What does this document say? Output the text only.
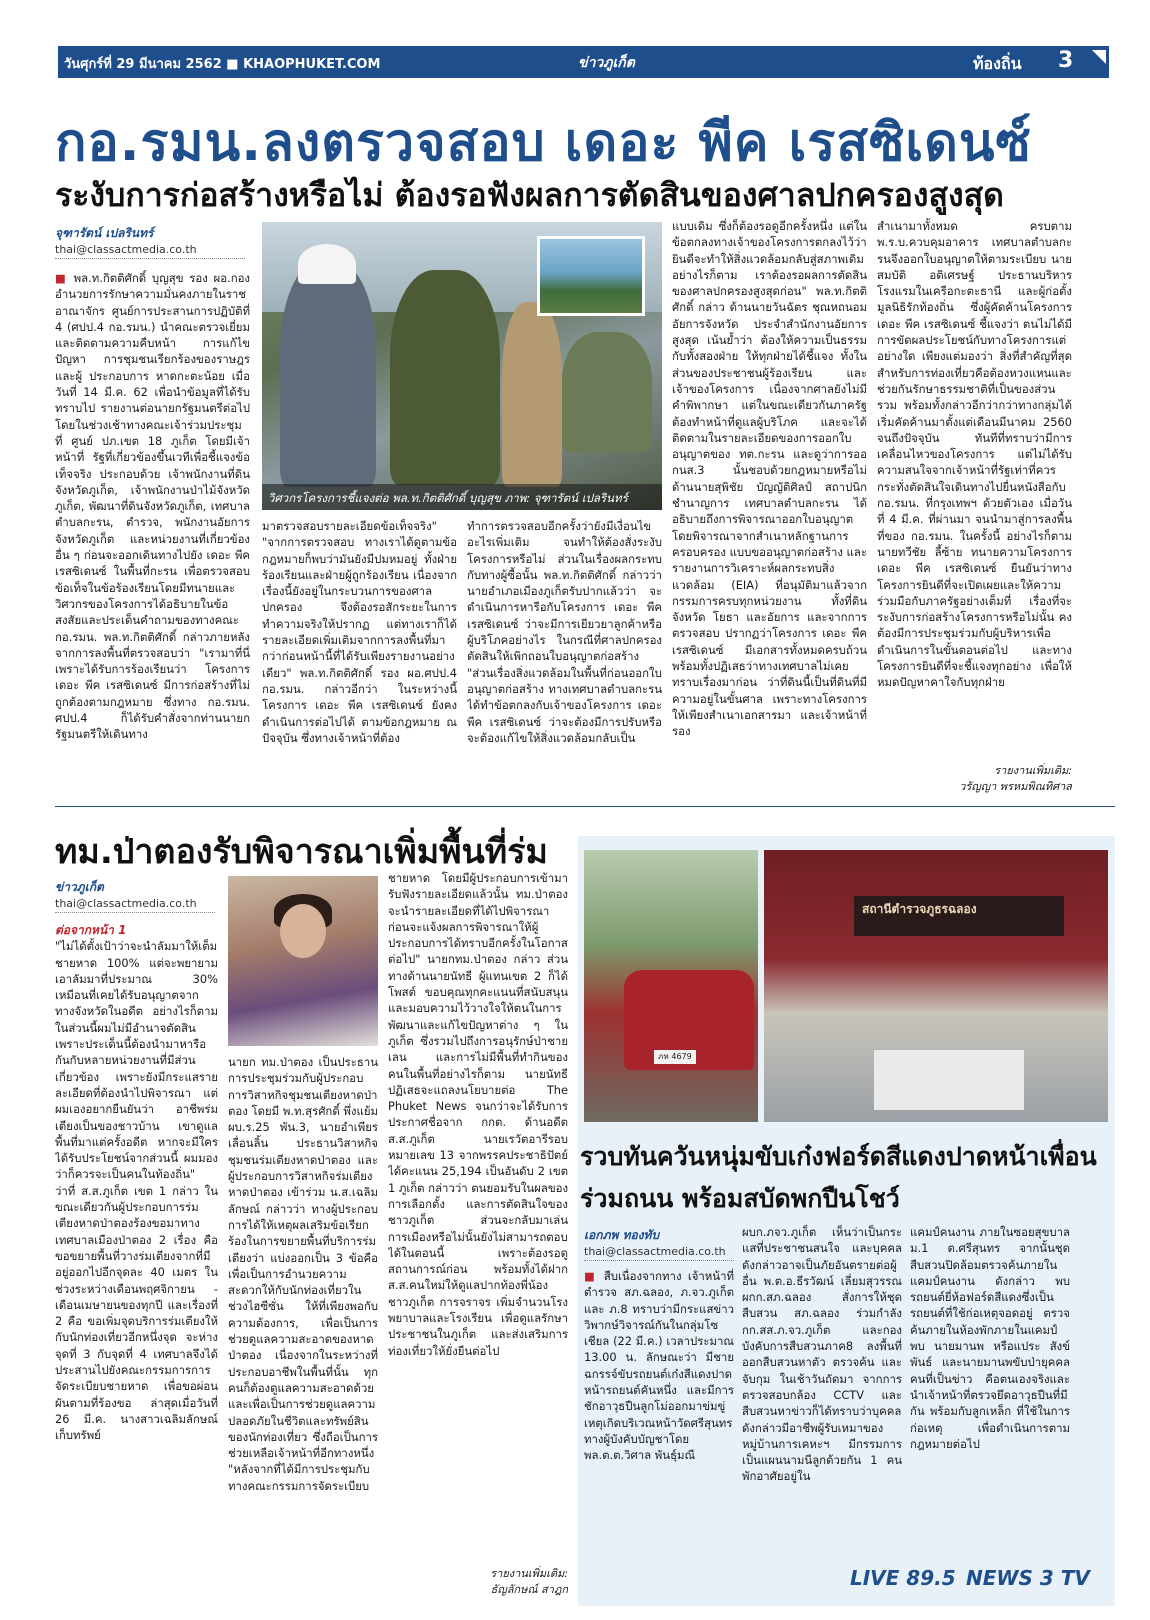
วันศุกร์ที่ 29 มีนาคม 2562 ■ KHAOPHUKET.COM	ข่าวภูเก็ต	ท้องถิ่น 3
กอ.รมน.ลงตรวจสอบ เดอะ พีค เรสซิเดนซ์
ระงับการก่อสร้างหรือไม่ ต้องรอฟังผลการตัดสินของศาลปกครองสูงสุด
จุฑารัตน์ เปลรินทร์
thai@classactmedia.co.th

■ พล.ท.กิตติศักดิ์ บุญสุข รอง ผอ.กอง อำนวยการรักษาความมั่นคงภายในราช อาณาจักร ศูนย์การประสานการปฏิบัติที่ 4 (ศปป.4 กอ.รมน.) นำคณะตรวจเยี่ยม และติดตามความคืบหน้า การแก้ไขปัญหา การชุมชนเรียกร้องของราษฎรและผู้ ประกอบการ หาดกะตะน้อย เมื่อวันที่ 14 มี.ค. 62 เพื่อนำข้อมูลที่ได้รับทราบไป รายงานต่อนายกรัฐมนตรีต่อไป โดยในช่วงเช้าทางคณะเจ้าร่วมประชุม ที่ ศูนย์ ปภ.เขต 18 ภูเก็ต โดยมีเจ้าหน้าที่ รัฐที่เกี่ยวข้องขึ้นเวทีเพื่อชี้แจงข้อเท็จจริง ประกอบด้วย เจ้าพนักงานที่ดินจังหวัดภูเก็ต, เจ้าพนักงานป่าไม้จังหวัดภูเก็ต, พัฒนาที่ดินจังหวัดภูเก็ต, เทศบาลตำบลกะรน, ตำรวจ, พนักงานอัยการจังหวัดภูเก็ต และหน่วยงานที่เกี่ยวข้องอื่น ๆ ก่อนจะออกเดินทางไปยัง เดอะ พีค เรสซิเดนซ์ ในพื้นที่กะรน เพื่อตรวจสอบข้อเท็จในข้อร้องเรียนโดยมีทนายและวิศวกรของโครงการได้อธิบายในข้อสงสัยและประเด็นคำถามของทางคณะกอ.รมน. พล.ท.กิตติศักดิ์ กล่าวภายหลัง จากการลงพื้นที่ตรวจสอบว่า "เรามาที่นี่เพราะได้รับการร้องเรียนว่า โครงการ เดอะ พีค เรสซิเดนซ์ มีการก่อสร้างที่ไม่ถูกต้องตามกฎหมาย ซึ่งทาง กอ.รมน. ศปป.4 ก็ได้รับคำสั่งจากท่านนายกรัฐมนตรีให้เดินทาง

วิศวกรโครงการชี้แจงต่อ พล.ท.กิตติศักดิ์ บุญสุข ภาพ: จุฑารัตน์ เปลรินทร์

มาตรวจสอบรายละเอียดข้อเท็จจริง" "จากการตรวจสอบ ทางเราได้ดูตามข้อกฎหมายก็พบว่ามันยังมีปมหมอยู่ ทั้งฝ่ายร้องเรียนและฝ่ายผู้ถูกร้องเรียน เนื่องจากเรื่องนี้ยังอยู่ในกระบวนการของศาลปกครอง จึงต้องรอสักระยะในการทำความจริงให้ปรากฏ แต่ทางเราก็ได้รายละเอียดเพิ่มเติมจากการลงพื้นที่มากว่าก่อนหน้านี้ที่ได้รับเพียงรายงานอย่างเดียว" พล.ท.กิตติศักดิ์ รอง ผอ.ศปป.4 กอ.รมน. กล่าวอีกว่า ในระหว่างนี้โครงการ เดอะ พีค เรสซิเดนซ์ ยังคงดำเนินการต่อไปได้ ตามข้อกฎหมาย ณ ปัจจุบัน ซึ่งทางเจ้าหน้าที่ต้อง

ทำการตรวจสอบอีกครั้งว่ายังมีเงื่อนไขอะไรเพิ่มเติม จนทำให้ต้องสั่งระงับโครงการหรือไม่ ส่วนในเรื่องผลกระทบกับทางผู้ซื้อนั้น พล.ท.กิตติศักดิ์ กล่าวว่า นายอำเภอเมืองภูเก็ตรับปากแล้วว่า จะดำเนินการหารือกับโครงการ เดอะ พีค เรสซิเดนซ์ ว่าจะมีการเยียวยาลูกค้าหรือผู้บริโภคอย่างไร ในกรณีที่ศาลปกครองตัดสินให้เพิกถอนใบอนุญาตก่อสร้าง "ส่วนเรื่องสิ่งแวดล้อมในพื้นที่ก่อนออกใบอนุญาตก่อสร้าง ทางเทศบาลตำบลกะรนได้ทำข้อตกลงกับเจ้าของโครงการ เดอะ พีค เรสซิเดนซ์ ว่าจะต้องมีการปรับหรือจะต้องแก้ไขให้สิ่งแวดล้อมกลับเป็น

แบบเดิม ซึ่งก็ต้องรอดูอีกครั้งหนึ่ง แต่ในข้อตกลงทางเจ้าของโครงการตกลงไว้ว่ายินดีจะทำให้สิ่งแวดล้อมกลับสู่สภาพเดิมอย่างไรก็ตาม เราต้องรอผลการตัดสินของศาลปกครองสูงสุดก่อน" พล.ท.กิตติศักดิ์ กล่าว ด้านนายวันฉัตร ชุณหถนอม อัยการจังหวัด ประจำสำนักงานอัยการสูงสุด เน้นย้ำว่า ต้องให้ความเป็นธรรมกับทั้งสองฝ่าย ให้ทุกฝ่ายได้ชี้แจง ทั้งในส่วนของประชาชนผู้ร้องเรียน และเจ้าของโครงการ เนื่องจากศาลยังไม่มีคำพิพากษา แต่ในขณะเดียวกันภาครัฐต้องทำหน้าที่ดูแลผู้บริโภค และจะได้ติดตามในรายละเอียดของการออกใบอนุญาตของ ทต.กะรน และดูว่าการออกนส.3 นั้นชอบด้วยกฎหมายหรือไม่ ด้านนายสุพิชัย บัญญัติศิลป์ สถาปนิกชำนาญการ เทศบาลตำบลกะรน ได้อธิบายถึงการพิจารณาออกใบอนุญาตโดยพิจารณาจากสำเนาหลักฐานการครอบครอง แบบขออนุญาตก่อสร้าง และรายงานการวิเคราะห์ผลกระทบสิ่งแวดล้อม (EIA) ที่อนุมัติมาแล้วจากกรรมการครบทุกหน่วยงาน ทั้งที่ดินจังหวัด โยธา และอัยการ และจากการตรวจสอบ ปรากฏว่าโครงการ เดอะ พีค เรสซิเดนซ์ มีเอกสารทั้งหมดครบถ้วนพร้อมทั้งปฏิเสธว่าทางเทศบาลไม่เคยทราบเรื่องมาก่อน ว่าที่ดินนี้เป็นที่ดินที่มีความอยู่ในขั้นศาล เพราะทางโครงการให้เพียงสำเนาเอกสารมา และเจ้าหน้าที่รอง

สำเนามาทั้งหมด ครบตาม พ.ร.บ.ควบคุมอาคาร เทศบาลตำบลกะรนจึงออกใบอนุญาตให้ตามระเบียบ นายสมบัติ อติเศรษฐ์ ประธานบริหาร โรงแรมในเครือกะตะธานี และผู้ก่อตั้งมูลนิธิรักท้องถิ่น ซึ่งผู้คัดค้านโครงการ เดอะ พีค เรสซิเดนซ์ ชี้แจงว่า ตนไม่ได้มีการขัดผลประโยชน์กับทางโครงการแต่อย่างใด เพียงแต่มองว่า สิ่งที่สำคัญที่สุดสำหรับการท่องเที่ยวคือต้องหวงแหนและช่วยกันรักษาธรรมชาติที่เป็นของส่วนรวม พร้อมทั้งกล่าวอีกว่ากว่าทางกลุ่มได้เริ่มคัดค้านมาตั้งแต่เดือนมีนาคม 2560 จนถึงปัจจุบัน ทันทีที่ทราบว่ามีการเคลื่อนไหวของโครงการ แต่ไม่ได้รับความสนใจจากเจ้าหน้าที่รัฐเท่าที่ควร กระทั่งตัดสินใจเดินทางไปยื่นหนังสือกับ กอ.รมน. ที่กรุงเทพฯ ด้วยตัวเอง เมื่อวันที่ 4 มี.ค. ที่ผ่านมา จนนำมาสู่การลงพื้นที่ของ กอ.รมน. ในครั้งนี้ อย่างไรก็ตาม นายทวีชัย ลี้ซ้าย ทนายความโครงการเดอะ พีค เรสซิเดนซ์ ยืนยันว่าทางโครงการยินดีที่จะเปิดเผยและให้ความร่วมมือกับภาครัฐอย่างเต็มที่ เรื่องที่จะระงับการก่อสร้างโครงการหรือไม่นั้น คงต้องมีการประชุมร่วมกับผู้บริหารเพื่อดำเนินการในขั้นตอนต่อไป และทางโครงการยินดีที่จะชี้แจงทุกอย่าง เพื่อให้หมดปัญหาคาใจกับทุกฝ่าย

รายงานเพิ่มเติม:

วรัญญา พรหมพิณทิศาส

ทม.ป่าตองรับพิจารณาเพิ่มพื้นที่ร่ม
ข่าวภูเก็ต
thai@classactmedia.co.th

ต่อจากหน้า 1

"ไม่ได้ตั้งเป้าว่าจะนำลัมมาให้เต็มชายหาด 100% แต่จะพยายามเอาลัมมาที่ประมาณ 30% เหมือนที่เคยได้รับอนุญาตจากทางจังหวัดในอดีต อย่างไรก็ตาม ในส่วนนี้ผมไม่มีอำนาจตัดสิน เพราะประเด็นนี้ต้องนำมาหารือกันกับหลายหน่วยงานที่มีส่วนเกี่ยวข้อง เพราะยังมีกระแสรายละเอียดที่ต้องนำไปพิจารณา แต่ผมเองอยากยืนยันว่า อาชีพร่มเตียงเป็นของชาวบ้าน เขาดูแลพื้นที่มาแต่ครั้งอดีต หากจะมีใครได้รับประโยชน์จากส่วนนี้ ผมมองว่าก็ควรจะเป็นคนในท้องถิ่น" ว่าที่ ส.ส.ภูเก็ต เขต 1 กล่าว ในขณะเดียวกันผู้ประกอบการร่มเตียงหาดป่าตองร้องขอมาทางเทศบาลเมืองป่าตอง 2 เรื่อง คือ ขอขยายพื้นที่วางร่มเตียงจากที่มีอยู่ออกไปอีกจุดละ 40 เมตร ในช่วงระหว่างเดือนพฤศจิกายน - เดือนเมษายนของทุกปี และเรื่องที่ 2 คือ ขอเพิ่มจุดบริการร่มเตียงให้กับนักท่องเที่ยวอีกหนึ่งจุด จะห่างจุดที่ 3 กับจุดที่ 4 เทศบาลจึงได้ประสานไปยังคณะกรรมการการจัดระเบียบชายหาด เพื่อขอผ่อนผันตามที่ร้องขอ ล่าสุดเมื่อวันที่ 26 มี.ค. นางสาวเฉลิมลักษณ์ เก็บทรัพย์

นายก ทม.ป่าตอง เป็นประธานการประชุมร่วมกับผู้ประกอบการวิสาหกิจชุมชนเตียงหาดป่าตอง โดยมี พ.ท.สุรศักดิ์ พึ่งแย้ม ผบ.ร.25 พัน.3, นายอำเพียร เลื่อนลิ้น ประธานวิสาหกิจชุมชนร่มเตียงหาดป่าตอง และผู้ประกอบการวิสาหกิจร่มเตียงหาดป่าตอง เข้าร่วม น.ส.เฉลิมลักษณ์ กล่าวว่า ทางผู้ประกอบการได้ให้เหตุผลเสริมข้อเรียกร้องในการขยายพื้นที่บริการร่มเตียงว่า แบ่งออกเป็น 3 ข้อคือ เพื่อเป็นการอำนวยความสะดวกให้กับนักท่องเที่ยวในช่วงไฮซีซั่น ให้ที่เพียงพอกับความต้องการ, เพื่อเป็นการช่วยดูแลความสะอาดของหาดป่าตอง เนื่องจากในระหว่างที่ประกอบอาชีพในพื้นที่นั้น ทุกคนก็ต้องดูแลความสะอาดด้วย และเพื่อเป็นการช่วยดูแลความปลอดภัยในชีวิตและทรัพย์สินของนักท่องเที่ยว ซึ่งถือเป็นการช่วยเหลือเจ้าหน้าที่อีกทางหนึ่ง "หลังจากที่ได้มีการประชุมกับทางคณะกรรมการจัดระเบียบ

ชายหาด โดยมีผู้ประกอบการเข้ามารับฟังรายละเอียดแล้วนั้น ทม.ป่าตองจะนำรายละเอียดที่ได้ไปพิจารณา ก่อนจะแจ้งผลการพิจารณาให้ผู้ประกอบการได้ทราบอีกครั้งในโอกาสต่อไป" นายกทม.ป่าตอง กล่าว ส่วนทางด้านนายนัทธี ผู้แทนเขต 2 ก็ได้โพสต์ ขอบคุณทุกคะแนนที่สนับสนุนและมอบความไว้วางใจให้ตนในการพัฒนาและแก้ไขปัญหาต่าง ๆ ในภูเก็ต ซึ่งรวมไปถึงการอนุรักษ์ป่าชายเลน และการไม่มีพื้นที่ทำกินของคนในพื้นที่อย่างไรก็ตาม นายนัทธี ปฏิเสธจะแถลงนโยบายต่อ The Phuket News จนกว่าจะได้รับการประกาศชื่อจาก กกต. ด้านอดีต ส.ส.ภูเก็ต นายเรวัตอารีรอบ หมายเลข 13 จากพรรคประชาธิปัตย์ ได้คะแนน 25,194 เป็นอันดับ 2 เขต 1 ภูเก็ต กล่าวว่า ตนยอมรับในผลของการเลือกตั้ง และการตัดสินใจของชาวภูเก็ต ส่วนจะกลับมาเล่นการเมืองหรือไม่นั้นยังไม่สามารถตอบได้ในตอนนี้ เพราะต้องรอดูสถานการณ์ก่อน พร้อมทั้งได้ฝาก ส.ส.คนใหม่ให้ดูแลปากท้องพี่น้องชาวภูเก็ต การจราจร เพิ่มจำนวนโรงพยาบาลและโรงเรียน เพื่อดูแลรักษาประชาชนในภูเก็ต และส่งเสริมการท่องเที่ยวให้ยั่งยืนต่อไป

รายงานเพิ่มเติม:

ธัญลักษณ์ สาฎก

ภห 4679
สถานีตำรวจภูธรฉลอง
รวบทันควันหนุ่มขับเก๋งฟอร์ดสีแดงปาดหน้าเพื่อนร่วมถนน พร้อมสบัดพกปืนโชว์
เอกภพ ทองทับ
thai@classactmedia.co.th

■ สืบเนื่องจากทาง เจ้าหน้าที่ตำรวจ สภ.ฉลอง, ภ.จว.ภูเก็ต และ ภ.8 ทราบว่ามีกระแสข่าววิพากษ์วิจารณ์กันในกลุ่มโซเชียล (22 มี.ค.) เวลาประมาณ 13.00 น. ลักษณะว่า มีชายฉกรรจ์ขับรถยนต์เก๋งสีแดงปาดหน้ารถยนต์คันหนึ่ง และมีการชักอาวุธปืนลูกโม่ออกมาข่มขู่เหตุเกิดบริเวณหน้าวัดศรีสุนทร ทางผู้บังคับบัญชาโดย พล.ต.ต.วิศาล พันธุ์มณี

ผบก.ภจว.ภูเก็ต เห็นว่าเป็นกระแสที่ประชาชนสนใจ และบุคคลดังกล่าวอาจเป็นภัยอันตรายต่อผู้อื่น พ.ต.อ.ธีรวัฒน์ เลี่ยมสุวรรณ ผกก.สภ.ฉลอง สั่งการให้ชุดสืบสวน สภ.ฉลอง ร่วมกำลัง กก.สส.ภ.จว.ภูเก็ต และกองบังคับการสืบสวนภาค8 ลงพื้นที่ออกสืบสวนหาตัว ตรวจค้น และ จับกุม ในเช้าวันถัดมา จากการตรวจสอบกล้อง CCTV และสืบสวนหาข่าวก็ได้ทราบว่าบุคคลดังกล่าวมีอาชีพผู้รับเหมาของหมู่บ้านการเคหะฯ มีกรรมการเป็นแผนนามนีลูกด้วยกัน 1 คน พักอาศัยอยู่ใน

แคมป์คนงาน ภายในซอยสุขบาล ม.1 ต.ศรีสุนทร จากนั้นชุดสืบสวนปิดล้อมตรวจค้นภายในแคมป์คนงาน ดังกล่าว พบรถยนต์ยี่ห้อฟอร์ดสีแดงซึ่งเป็นรถยนต์ที่ใช้ก่อเหตุจอดอยู่ ตรวจค้นภายในห้องพักภายในแคมป์พบ นายมานพ หรือแประ สังข์พันธ์ และนายมานพขับป่ายุคคลคนที่เป็นข่าว คือตนเองจริงและนำเจ้าหน้าที่ตรวจยึดอาวุธปืนที่มีกัน พร้อมกับลูกเหล็ก ที่ใช้ในการก่อเหตุ เพื่อดำเนินการตามกฎหมายต่อไป

LIVE 89.5 NEWS 3 TV
